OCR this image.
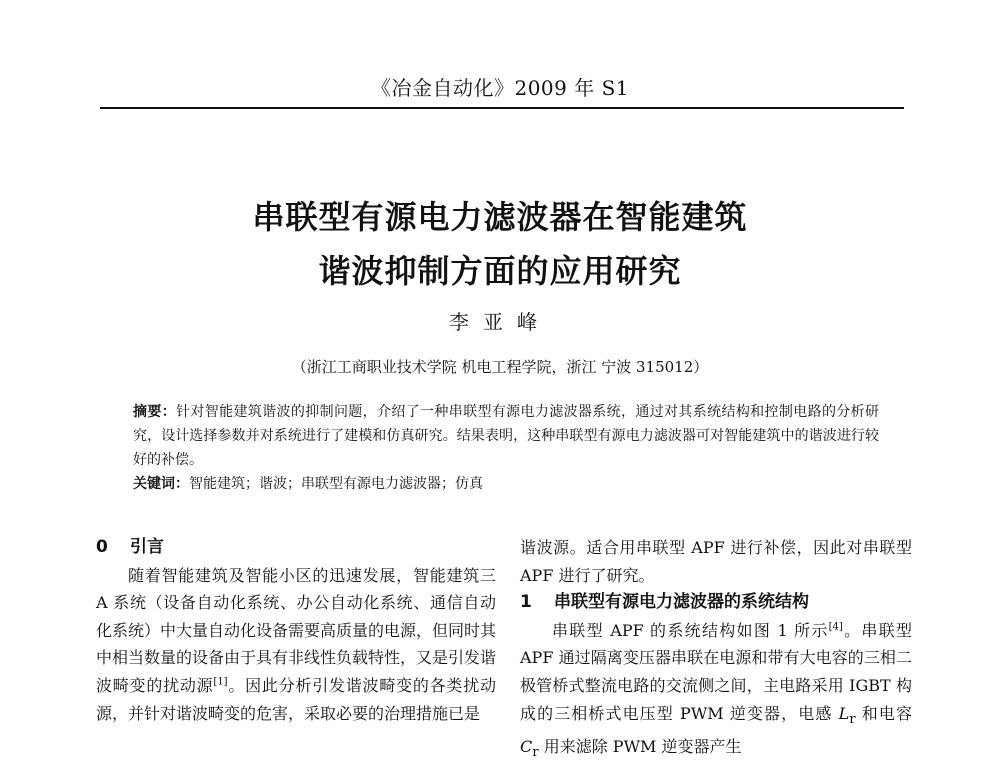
《冶金自动化》2009 年 S1
串联型有源电力滤波器在智能建筑
谐波抑制方面的应用研究
李亚峰
（浙江工商职业技术学院 机电工程学院，浙江 宁波 315012）

摘要：针对智能建筑谐波的抑制问题，介绍了一种串联型有源电力滤波器系统，通过对其系统结构和控制电路的分析研究，设计选择参数并对系统进行了建模和仿真研究。结果表明，这种串联型有源电力滤波器可对智能建筑中的谐波进行较好的补偿。

关键词：智能建筑；谐波；串联型有源电力滤波器；仿真

0 引言

随着智能建筑及智能小区的迅速发展，智能建筑三 A 系统（设备自动化系统、办公自动化系统、通信自动化系统）中大量自动化设备需要高质量的电源，但同时其中相当数量的设备由于具有非线性负载特性，又是引发谐波畸变的扰动源[1]。因此分析引发谐波畸变的各类扰动源，并针对谐波畸变的危害，采取必要的治理措施已是

谐波源。适合用串联型 APF 进行补偿，因此对串联型 APF 进行了研究。

1 串联型有源电力滤波器的系统结构

串联型 APF 的系统结构如图 1 所示[4]。串联型 APF 通过隔离变压器串联在电源和带有大电容的三相二极管桥式整流电路的交流侧之间，主电路采用 IGBT 构成的三相桥式电压型 PWM 逆变器，电感 $L_r$ 和电容 $C_r$ 用来滤除 PWM 逆变器产生
